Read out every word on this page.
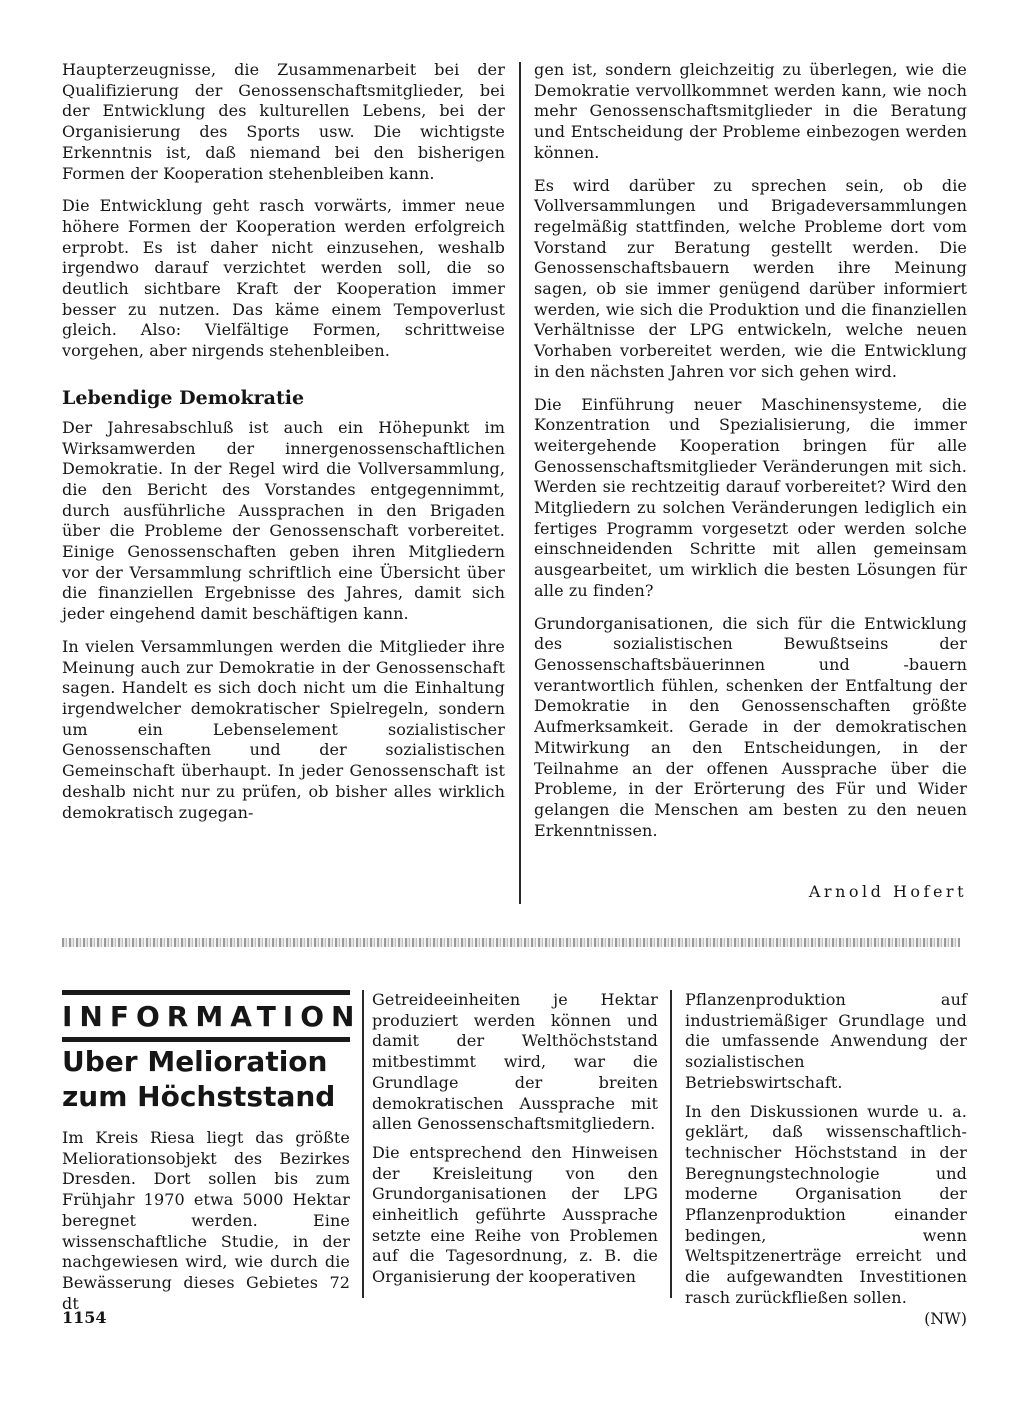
Haupterzeugnisse, die Zusammenarbeit bei der Qualifizierung der Genossenschaftsmitglieder, bei der Entwicklung des kulturellen Lebens, bei der Organisierung des Sports usw. Die wichtigste Erkenntnis ist, daß niemand bei den bisherigen Formen der Kooperation stehenbleiben kann.

Die Entwicklung geht rasch vorwärts, immer neue höhere Formen der Kooperation werden erfolgreich erprobt. Es ist daher nicht einzusehen, weshalb irgendwo darauf verzichtet werden soll, die so deutlich sichtbare Kraft der Kooperation immer besser zu nutzen. Das käme einem Tempoverlust gleich. Also: Vielfältige Formen, schrittweise vorgehen, aber nirgends stehenbleiben.

Lebendige Demokratie

Der Jahresabschluß ist auch ein Höhepunkt im Wirksamwerden der innergenossenschaftlichen Demokratie. In der Regel wird die Vollversammlung, die den Bericht des Vorstandes entgegennimmt, durch ausführliche Aussprachen in den Brigaden über die Probleme der Genossenschaft vorbereitet. Einige Genossenschaften geben ihren Mitgliedern vor der Versammlung schriftlich eine Übersicht über die finanziellen Ergebnisse des Jahres, damit sich jeder eingehend damit beschäftigen kann.

In vielen Versammlungen werden die Mitglieder ihre Meinung auch zur Demokratie in der Genossenschaft sagen. Handelt es sich doch nicht um die Einhaltung irgendwelcher demokratischer Spielregeln, sondern um ein Lebenselement sozialistischer Genossenschaften und der sozialistischen Gemeinschaft überhaupt. In jeder Genossenschaft ist deshalb nicht nur zu prüfen, ob bisher alles wirklich demokratisch zugegan-

gen ist, sondern gleichzeitig zu überlegen, wie die Demokratie vervollkommnet werden kann, wie noch mehr Genossenschaftsmitglieder in die Beratung und Entscheidung der Probleme einbezogen werden können.

Es wird darüber zu sprechen sein, ob die Vollversammlungen und Brigadeversammlungen regelmäßig stattfinden, welche Probleme dort vom Vorstand zur Beratung gestellt werden. Die Genossenschaftsbauern werden ihre Meinung sagen, ob sie immer genügend darüber informiert werden, wie sich die Produktion und die finanziellen Verhältnisse der LPG entwickeln, welche neuen Vorhaben vorbereitet werden, wie die Entwicklung in den nächsten Jahren vor sich gehen wird.

Die Einführung neuer Maschinensysteme, die Konzentration und Spezialisierung, die immer weitergehende Kooperation bringen für alle Genossenschaftsmitglieder Veränderungen mit sich. Werden sie rechtzeitig darauf vorbereitet? Wird den Mitgliedern zu solchen Veränderungen lediglich ein fertiges Programm vorgesetzt oder werden solche einschneidenden Schritte mit allen gemeinsam ausgearbeitet, um wirklich die besten Lösungen für alle zu finden?

Grundorganisationen, die sich für die Entwicklung des sozialistischen Bewußtseins der Genossenschaftsbäuerinnen und -bauern verantwortlich fühlen, schenken der Entfaltung der Demokratie in den Genossenschaften größte Aufmerksamkeit. Gerade in der demokratischen Mitwirkung an den Entscheidungen, in der Teilnahme an der offenen Aussprache über die Probleme, in der Erörterung des Für und Wider gelangen die Menschen am besten zu den neuen Erkenntnissen.

Arnold Hofert

INFORMATION

Uber Melioration zum Höchststand

Im Kreis Riesa liegt das größte Meliorationsobjekt des Bezirkes Dresden. Dort sollen bis zum Frühjahr 1970 etwa 5000 Hektar beregnet werden. Eine wissenschaftliche Studie, in der nachgewiesen wird, wie durch die Bewässerung dieses Gebietes 72 dt

Getreideeinheiten je Hektar produziert werden können und damit der Welthöchststand mitbestimmt wird, war die Grundlage der breiten demokratischen Aussprache mit allen Genossenschaftsmitgliedern.

Die entsprechend den Hinweisen der Kreisleitung von den Grundorganisationen der LPG einheitlich geführte Aussprache setzte eine Reihe von Problemen auf die Tagesordnung, z. B. die Organisierung der kooperativen

Pflanzenproduktion auf industriemäßiger Grundlage und die umfassende Anwendung der sozialistischen Betriebswirtschaft.

In den Diskussionen wurde u. a. geklärt, daß wissenschaftlich-technischer Höchststand in der Beregnungstechnologie und moderne Organisation der Pflanzenproduktion einander bedingen, wenn Weltspitzenerträge erreicht und die aufgewandten Investitionen rasch zurückfließen sollen.

(NW)

1154
